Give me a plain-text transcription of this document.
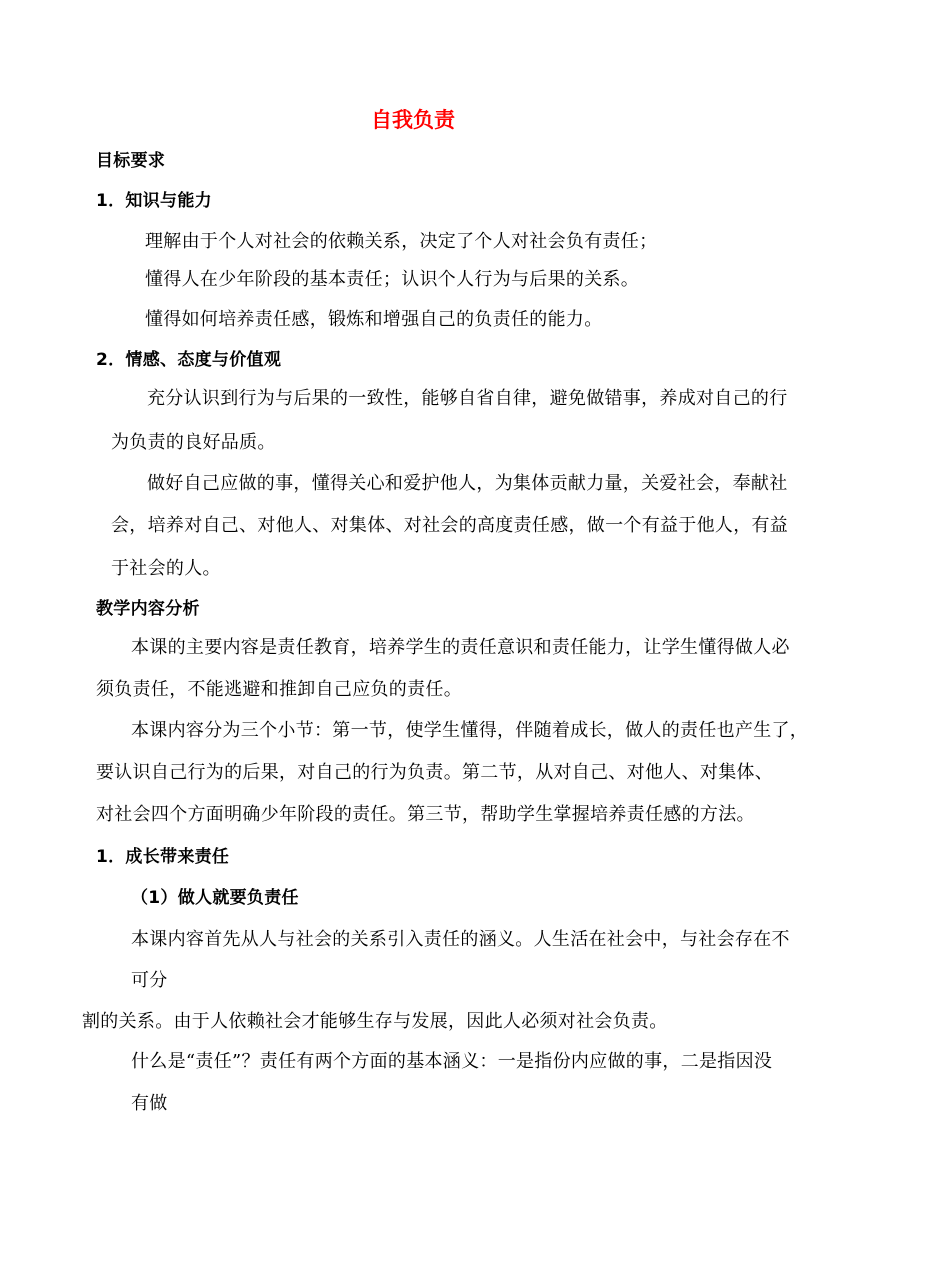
自我负责
目标要求
1．知识与能力
理解由于个人对社会的依赖关系，决定了个人对社会负有责任；
懂得人在少年阶段的基本责任；认识个人行为与后果的关系。
懂得如何培养责任感，锻炼和增强自己的负责任的能力。
2．情感、态度与价值观
充分认识到行为与后果的一致性，能够自省自律，避免做错事，养成对自己的行
为负责的良好品质。
做好自己应做的事，懂得关心和爱护他人，为集体贡献力量，关爱社会，奉献社
会，培养对自己、对他人、对集体、对社会的高度责任感，做一个有益于他人，有益
于社会的人。
教学内容分析
本课的主要内容是责任教育，培养学生的责任意识和责任能力，让学生懂得做人必
须负责任，不能逃避和推卸自己应负的责任。
本课内容分为三个小节：第一节，使学生懂得，伴随着成长，做人的责任也产生了，
要认识自己行为的后果，对自己的行为负责。第二节，从对自己、对他人、对集体、
对社会四个方面明确少年阶段的责任。第三节，帮助学生掌握培养责任感的方法。
1．成长带来责任
（1）做人就要负责任
本课内容首先从人与社会的关系引入责任的涵义。人生活在社会中，与社会存在不
可分
割的关系。由于人依赖社会才能够生存与发展，因此人必须对社会负责。
什么是“责任”？责任有两个方面的基本涵义：一是指份内应做的事，二是指因没
有做
